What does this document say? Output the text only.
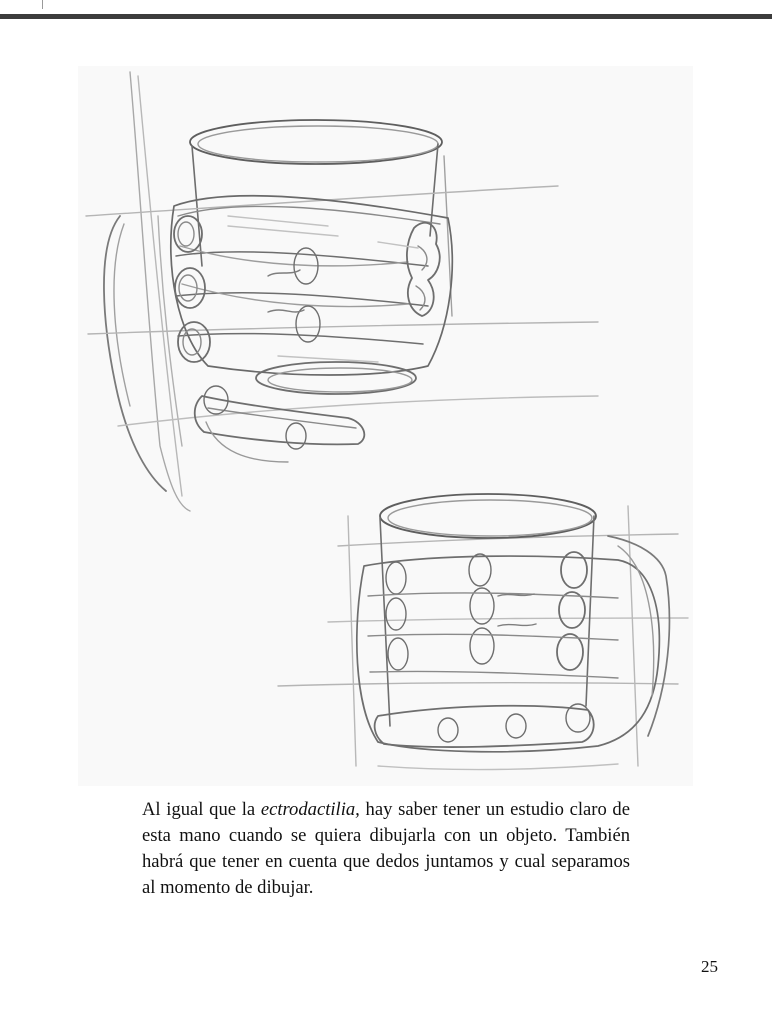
Al igual que la ectrodactilia, hay saber tener un estudio claro de esta mano cuando se quiera dibujarla con un objeto. También habrá que tener en cuenta que dedos juntamos y cual separamos al momento de dibujar.

25
